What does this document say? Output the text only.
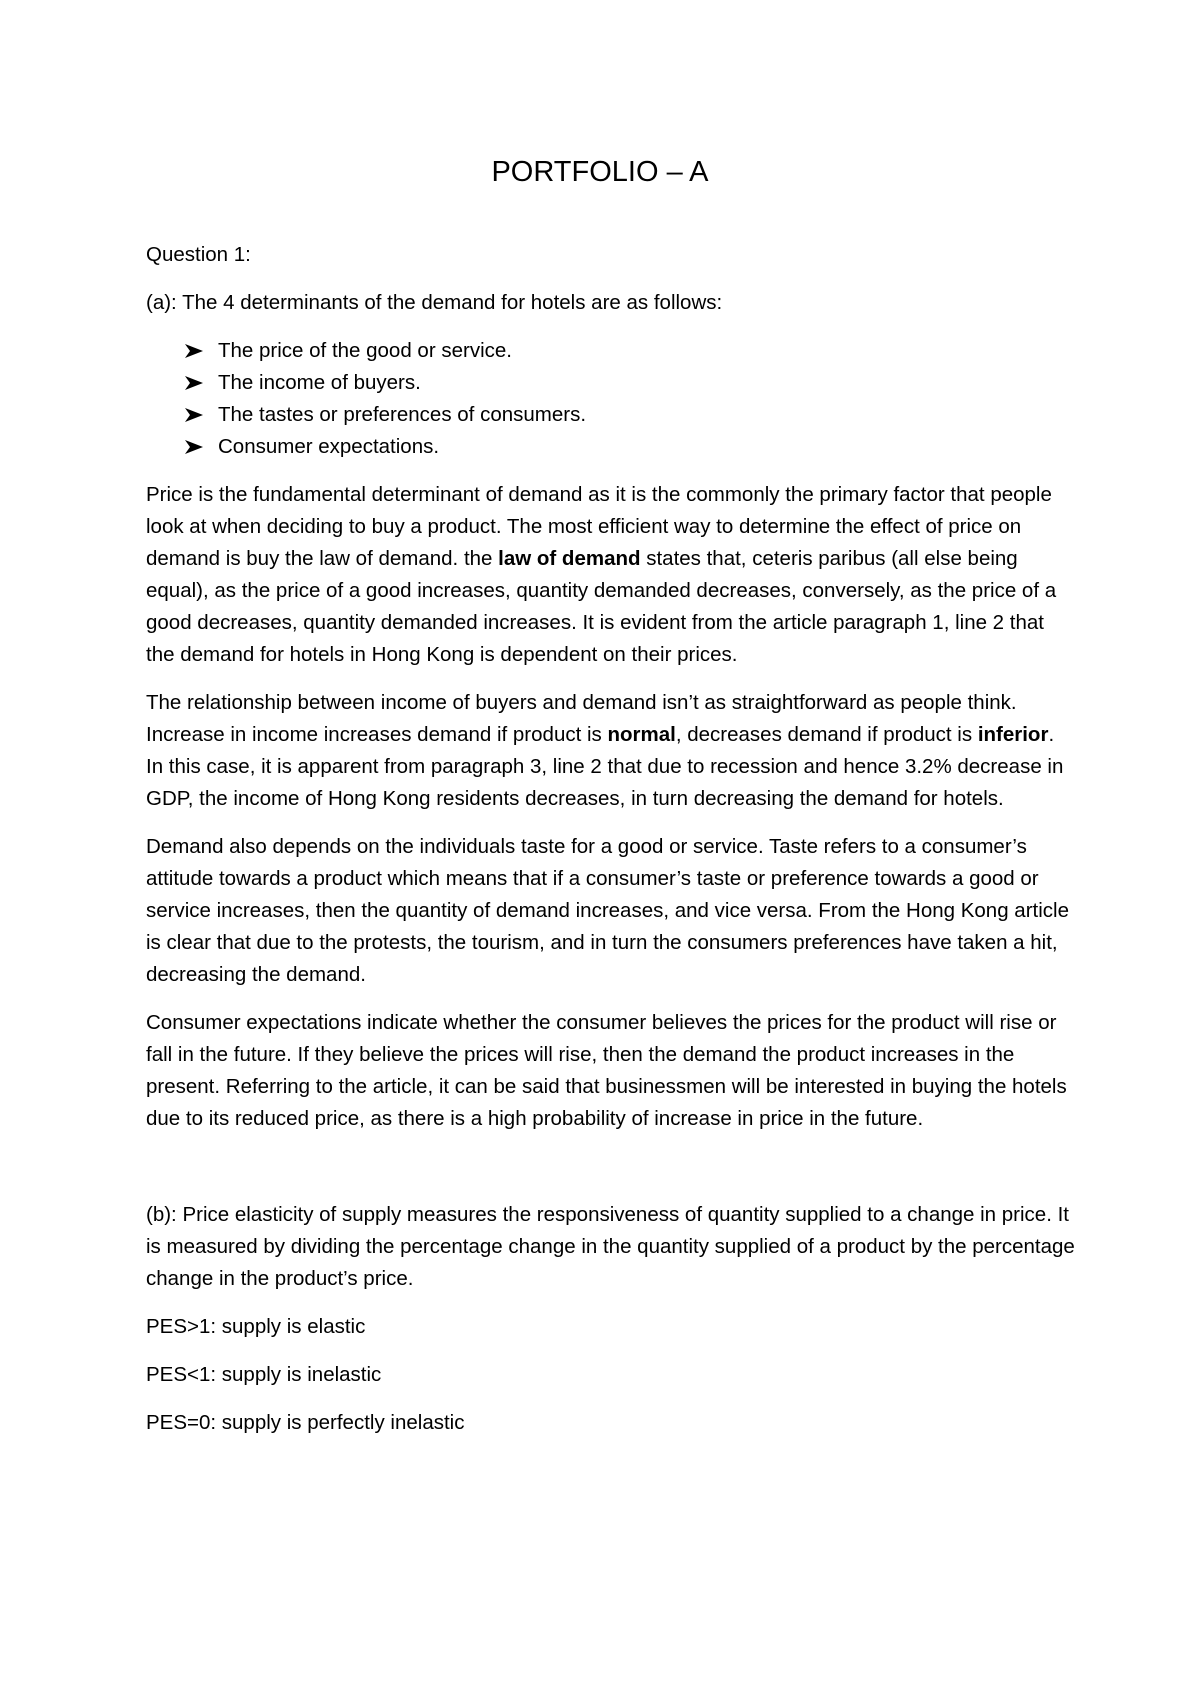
PORTFOLIO – A

Question 1:

(a): The 4 determinants of the demand for hotels are as follows:

The price of the good or service.
The income of buyers.
The tastes or preferences of consumers.
Consumer expectations.

Price is the fundamental determinant of demand as it is the commonly the primary factor that people look at when deciding to buy a product. The most efficient way to determine the effect of price on demand is buy the law of demand. the law of demand states that, ceteris paribus (all else being equal), as the price of a good increases, quantity demanded decreases, conversely, as the price of a good decreases, quantity demanded increases. It is evident from the article paragraph 1, line 2 that the demand for hotels in Hong Kong is dependent on their prices.

The relationship between income of buyers and demand isn’t as straightforward as people think. Increase in income increases demand if product is normal, decreases demand if product is inferior. In this case, it is apparent from paragraph 3, line 2 that due to recession and hence 3.2% decrease in GDP, the income of Hong Kong residents decreases, in turn decreasing the demand for hotels.

Demand also depends on the individuals taste for a good or service. Taste refers to a consumer’s attitude towards a product which means that if a consumer’s taste or preference towards a good or service increases, then the quantity of demand increases, and vice versa. From the Hong Kong article is clear that due to the protests, the tourism, and in turn the consumers preferences have taken a hit, decreasing the demand.

Consumer expectations indicate whether the consumer believes the prices for the product will rise or fall in the future. If they believe the prices will rise, then the demand the product increases in the present. Referring to the article, it can be said that businessmen will be interested in buying the hotels due to its reduced price, as there is a high probability of increase in price in the future.

(b): Price elasticity of supply measures the responsiveness of quantity supplied to a change in price. It is measured by dividing the percentage change in the quantity supplied of a product by the percentage change in the product’s price.

PES>1: supply is elastic

PES<1: supply is inelastic

PES=0: supply is perfectly inelastic
